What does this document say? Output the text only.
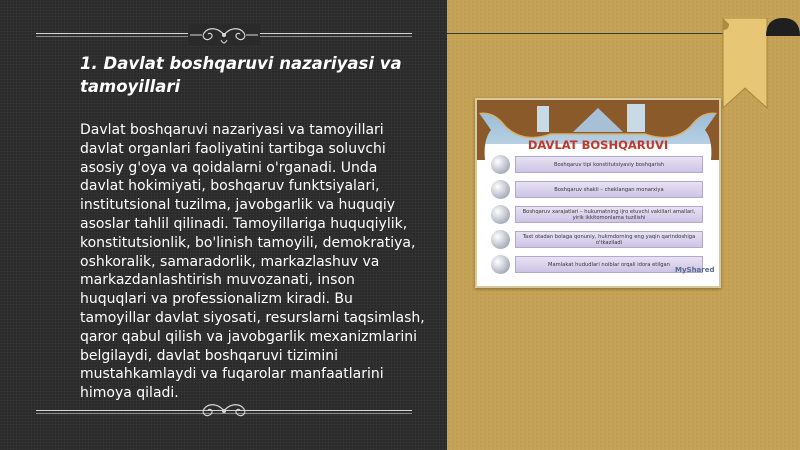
1. Davlat boshqaruvi nazariyasi va tamoyillari

Davlat boshqaruvi nazariyasi va tamoyillari davlat organlari faoliyatini tartibga soluvchi asosiy g'oya va qoidalarni o'rganadi. Unda davlat hokimiyati, boshqaruv funktsiyalari, institutsional tuzilma, javobgarlik va huquqiy asoslar tahlil qilinadi. Tamoyillariga huquqiylik, konstitutsionlik, bo'linish tamoyili, demokratiya, oshkoralik, samaradorlik, markazlashuv va markazdanlashtirish muvozanati, inson huquqlari va professionalizm kiradi. Bu tamoyillar davlat siyosati, resurslarni taqsimlash, qaror qabul qilish va javobgarlik mexanizmlarini belgilaydi, davlat boshqaruvi tizimini mustahkamlaydi va fuqarolar manfaatlarini himoya qiladi.

DAVLAT BOSHQARUVI
Boshqaruv tipi konstitutsiyaviy boshqarish
Boshqaruv shakli – cheklangan monarxiya
Boshqaruv xarajatlari – hukumatning ijro etuvchi vakillari amallari, yirik ikkitomonlama tuzilishi
Taxt otadan bolaga qonuniy, hukmdorning eng yaqin qarindoshiga o'tkaziladi
Mamlakat hududlari noiblar orqali idora etilgan
MyShared
